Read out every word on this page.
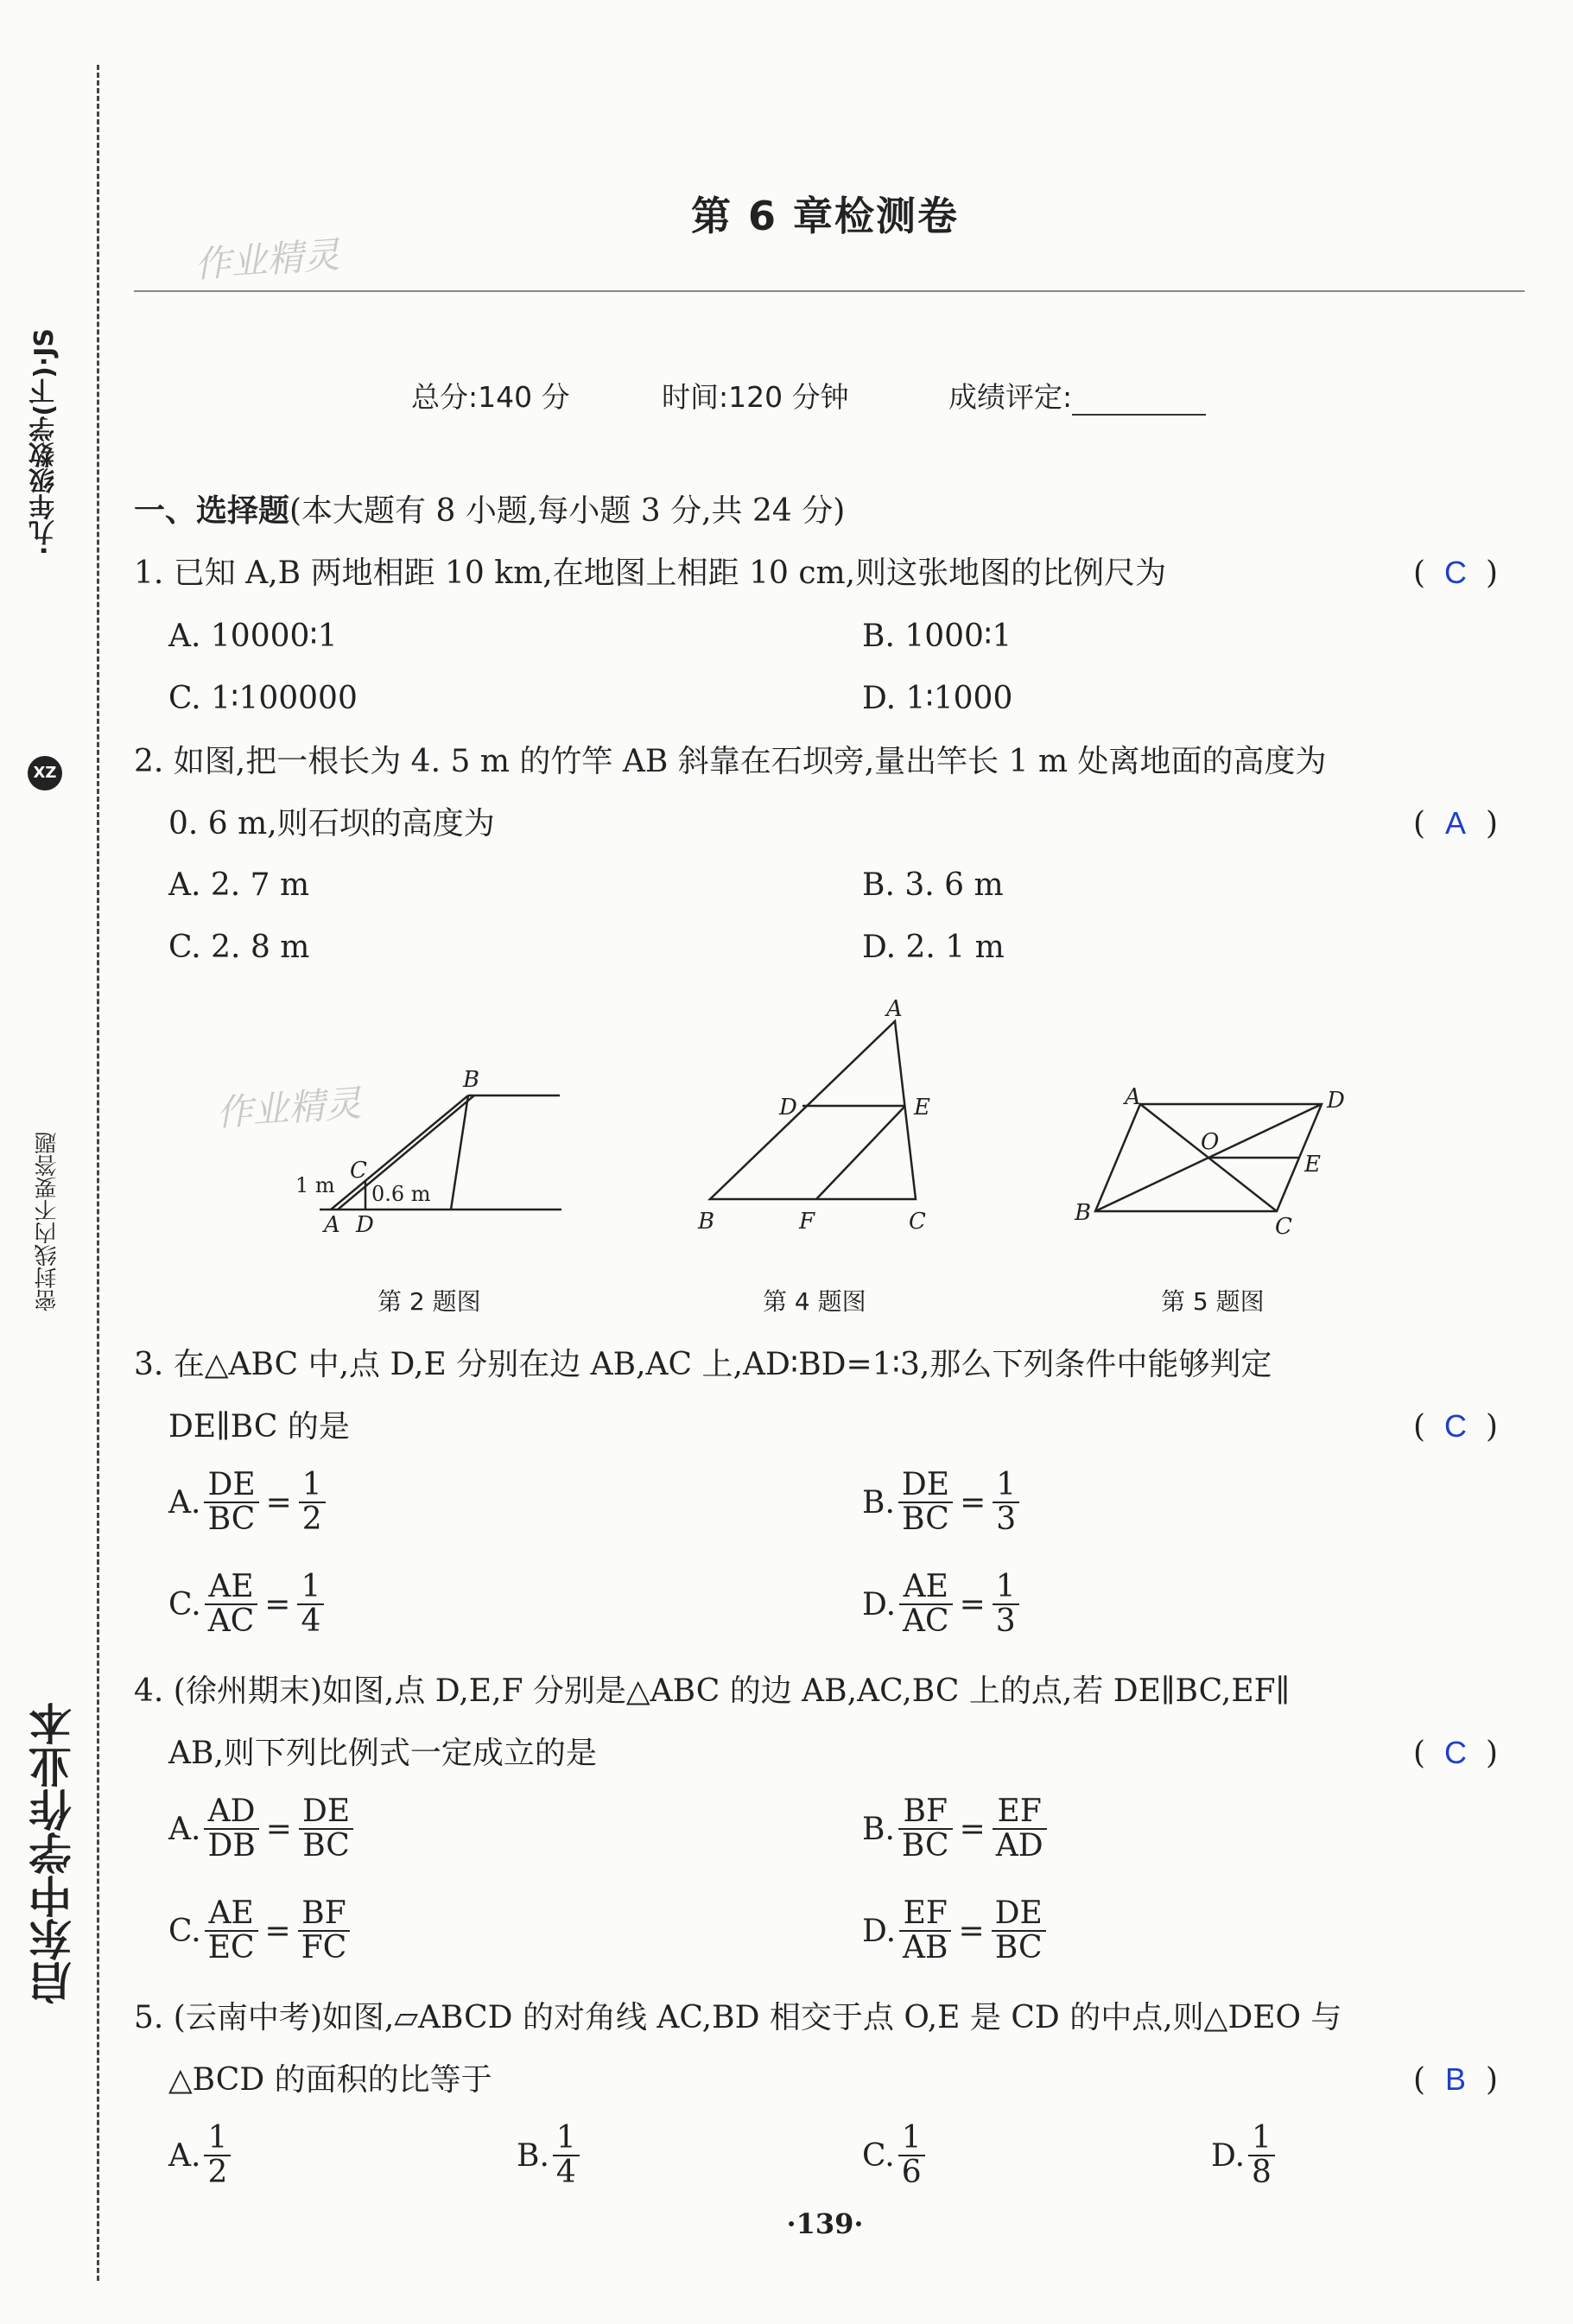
·九年级数学(下)·JS
XZ
密封线内不要答题
启东中学作业本
作业精灵
第 6 章检测卷
总分:140 分	时间:120 分钟	成绩评定:
一、选择题(本大题有 8 小题,每小题 3 分,共 24 分)
1. 已知 A,B 两地相距 10 km,在地图上相距 10 cm,则这张地图的比例尺为	( C )
A. 10000∶1	B. 1000∶1
C. 1∶100000	D. 1∶1000
2. 如图,把一根长为 4. 5 m 的竹竿 AB 斜靠在石坝旁,量出竿长 1 m 处离地面的高度为
0. 6 m,则石坝的高度为	( A )
A. 2. 7 m	B. 3. 6 m
C. 2. 8 m	D. 2. 1 m
B
C
A D
1 m 0.6 m
作业精灵
A
D	E
B	F	C
A	D
O
E
B
C
第 2 题图	第 4 题图	第 5 题图
3. 在△ABC 中,点 D,E 分别在边 AB,AC 上,AD∶BD=1∶3,那么下列条件中能够判定
DE∥BC 的是	( C )
A. $\frac{DE}{BC} = \frac{1}{2}$	B. $\frac{DE}{BC} = \frac{1}{3}$
C. $\frac{AE}{AC} = \frac{1}{4}$	D. $\frac{AE}{AC} = \frac{1}{3}$
4. (徐州期末)如图,点 D,E,F 分别是△ABC 的边 AB,AC,BC 上的点,若 DE∥BC,EF∥
AB,则下列比例式一定成立的是	( C )
A. $\frac{AD}{DB} = \frac{DE}{BC}$	B. $\frac{BF}{BC} = \frac{EF}{AD}$
C. $\frac{AE}{EC} = \frac{BF}{FC}$	D. $\frac{EF}{AB} = \frac{DE}{BC}$
5. (云南中考)如图,▱ABCD 的对角线 AC,BD 相交于点 O,E 是 CD 的中点,则△DEO 与
△BCD 的面积的比等于	( B )
A. $\frac{1}{2}$	B. $\frac{1}{4}$	C. $\frac{1}{6}$	D. $\frac{1}{8}$
·139·
